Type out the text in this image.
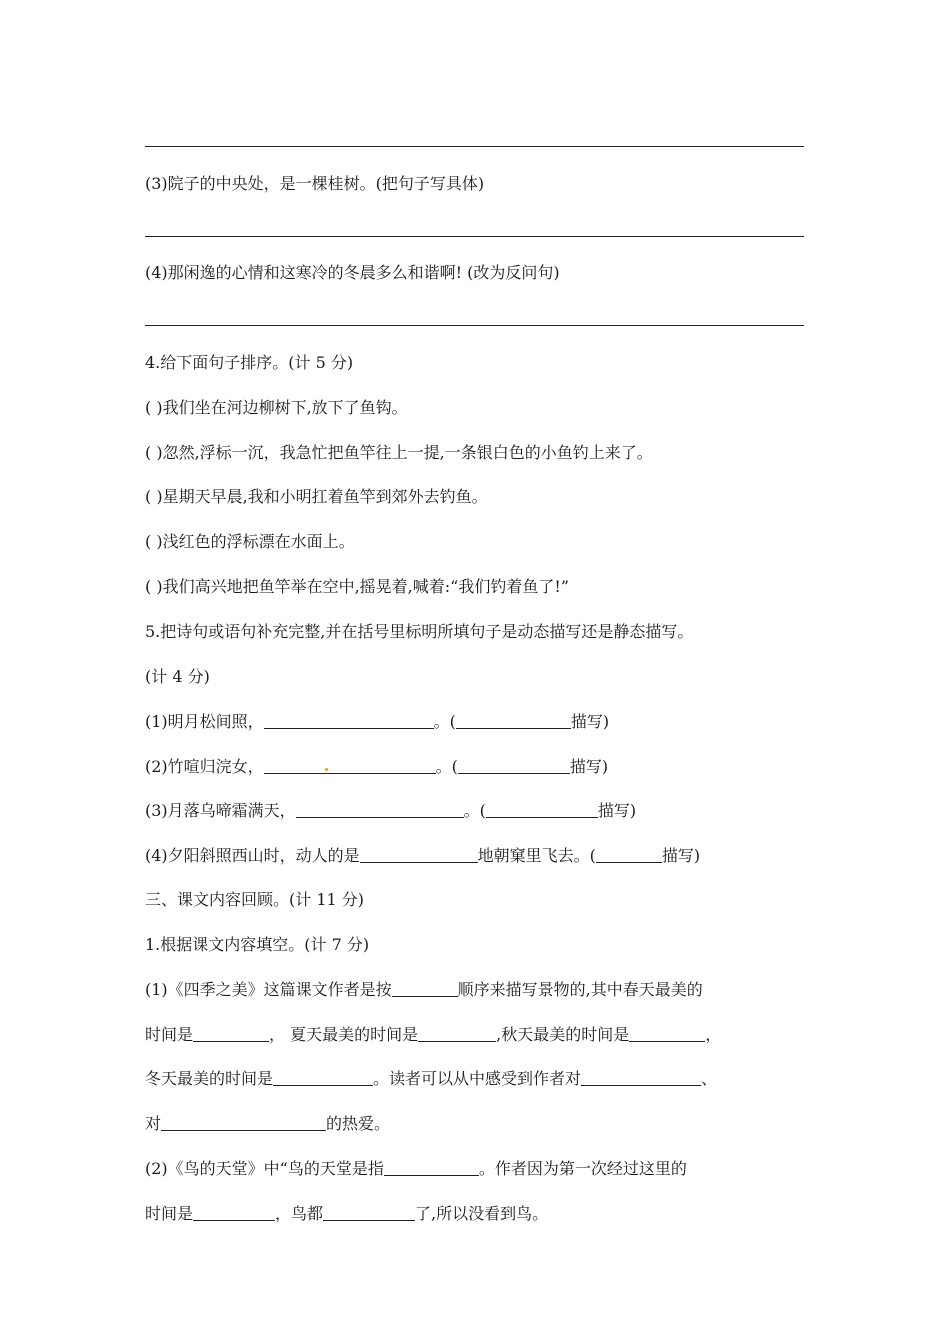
(3)院子的中央处，是一棵桂树。(把句子写具体)
(4)那闲逸的心情和这寒冷的冬晨多么和谐啊! (改为反问句)
4.给下面句子排序。(计 5 分)
( )我们坐在河边柳树下,放下了鱼钩。
( )忽然,浮标一沉，我急忙把鱼竿往上一提,一条银白色的小鱼钓上来了。
( )星期天早晨,我和小明扛着鱼竿到郊外去钓鱼。
( )浅红色的浮标漂在水面上。
( )我们高兴地把鱼竿举在空中,摇晃着,喊着:“我们钓着鱼了!”
5.把诗句或语句补充完整,并在括号里标明所填句子是动态描写还是静态描写。
(计 4 分)
(1)明月松间照，	。(	描写)
(2)竹喧归浣女，	。(	描写)
(3)月落乌啼霜满天，	。(	描写)
(4)夕阳斜照西山时，动人的是	地朝窠里飞去。(	描写)
三、课文内容回顾。(计 11 分)
1.根据课文内容填空。(计 7 分)
(1)《四季之美》这篇课文作者是按	顺序来描写景物的,其中春天最美的
时间是	， 夏天最美的时间是	,秋天最美的时间是	，
冬天最美的时间是	。读者可以从中感受到作者对	、
对	的热爱。
(2)《鸟的天堂》中“鸟的天堂是指	。作者因为第一次经过这里的
时间是	，鸟都	了,所以没看到鸟。
